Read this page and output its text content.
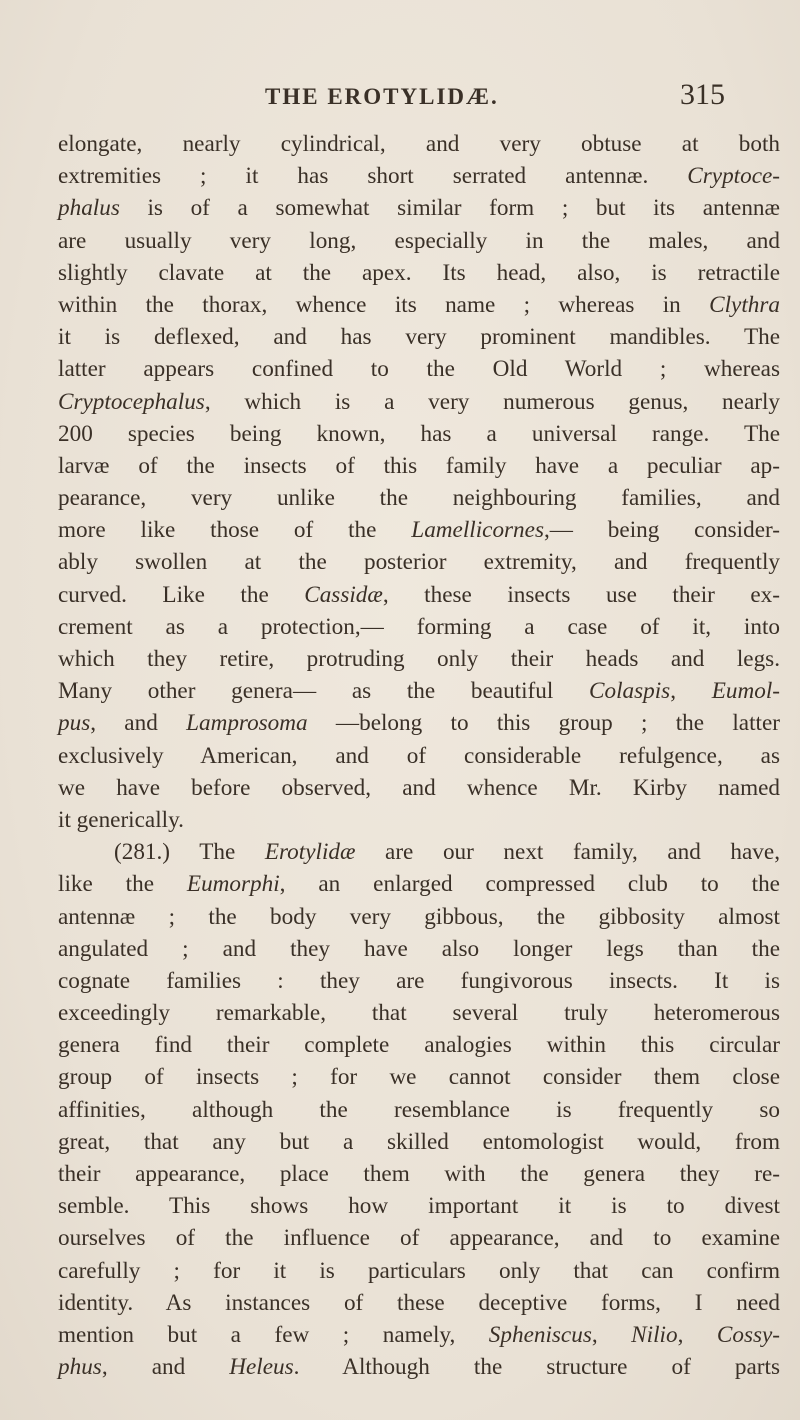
THE EROTYLIDÆ.	315
elongate, nearly cylindrical, and very obtuse at both
extremities ; it has short serrated antennæ. Cryptoce-
phalus is of a somewhat similar form ; but its antennæ
are usually very long, especially in the males, and
slightly clavate at the apex. Its head, also, is retractile
within the thorax, whence its name ; whereas in Clythra
it is deflexed, and has very prominent mandibles. The
latter appears confined to the Old World ; whereas
Cryptocephalus, which is a very numerous genus, nearly
200 species being known, has a universal range. The
larvæ of the insects of this family have a peculiar ap-
pearance, very unlike the neighbouring families, and
more like those of the Lamellicornes,— being consider-
ably swollen at the posterior extremity, and frequently
curved. Like the Cassidæ, these insects use their ex-
crement as a protection,— forming a case of it, into
which they retire, protruding only their heads and legs.
Many other genera— as the beautiful Colaspis, Eumol-
pus, and Lamprosoma —belong to this group ; the latter
exclusively American, and of considerable refulgence, as
we have before observed, and whence Mr. Kirby named
it generically.
(281.) The Erotylidæ are our next family, and have,
like the Eumorphi, an enlarged compressed club to the
antennæ ; the body very gibbous, the gibbosity almost
angulated ; and they have also longer legs than the
cognate families : they are fungivorous insects. It is
exceedingly remarkable, that several truly heteromerous
genera find their complete analogies within this circular
group of insects ; for we cannot consider them close
affinities, although the resemblance is frequently so
great, that any but a skilled entomologist would, from
their appearance, place them with the genera they re-
semble. This shows how important it is to divest
ourselves of the influence of appearance, and to examine
carefully ; for it is particulars only that can confirm
identity. As instances of these deceptive forms, I need
mention but a few ; namely, Spheniscus, Nilio, Cossy-
phus, and Heleus. Although the structure of parts
